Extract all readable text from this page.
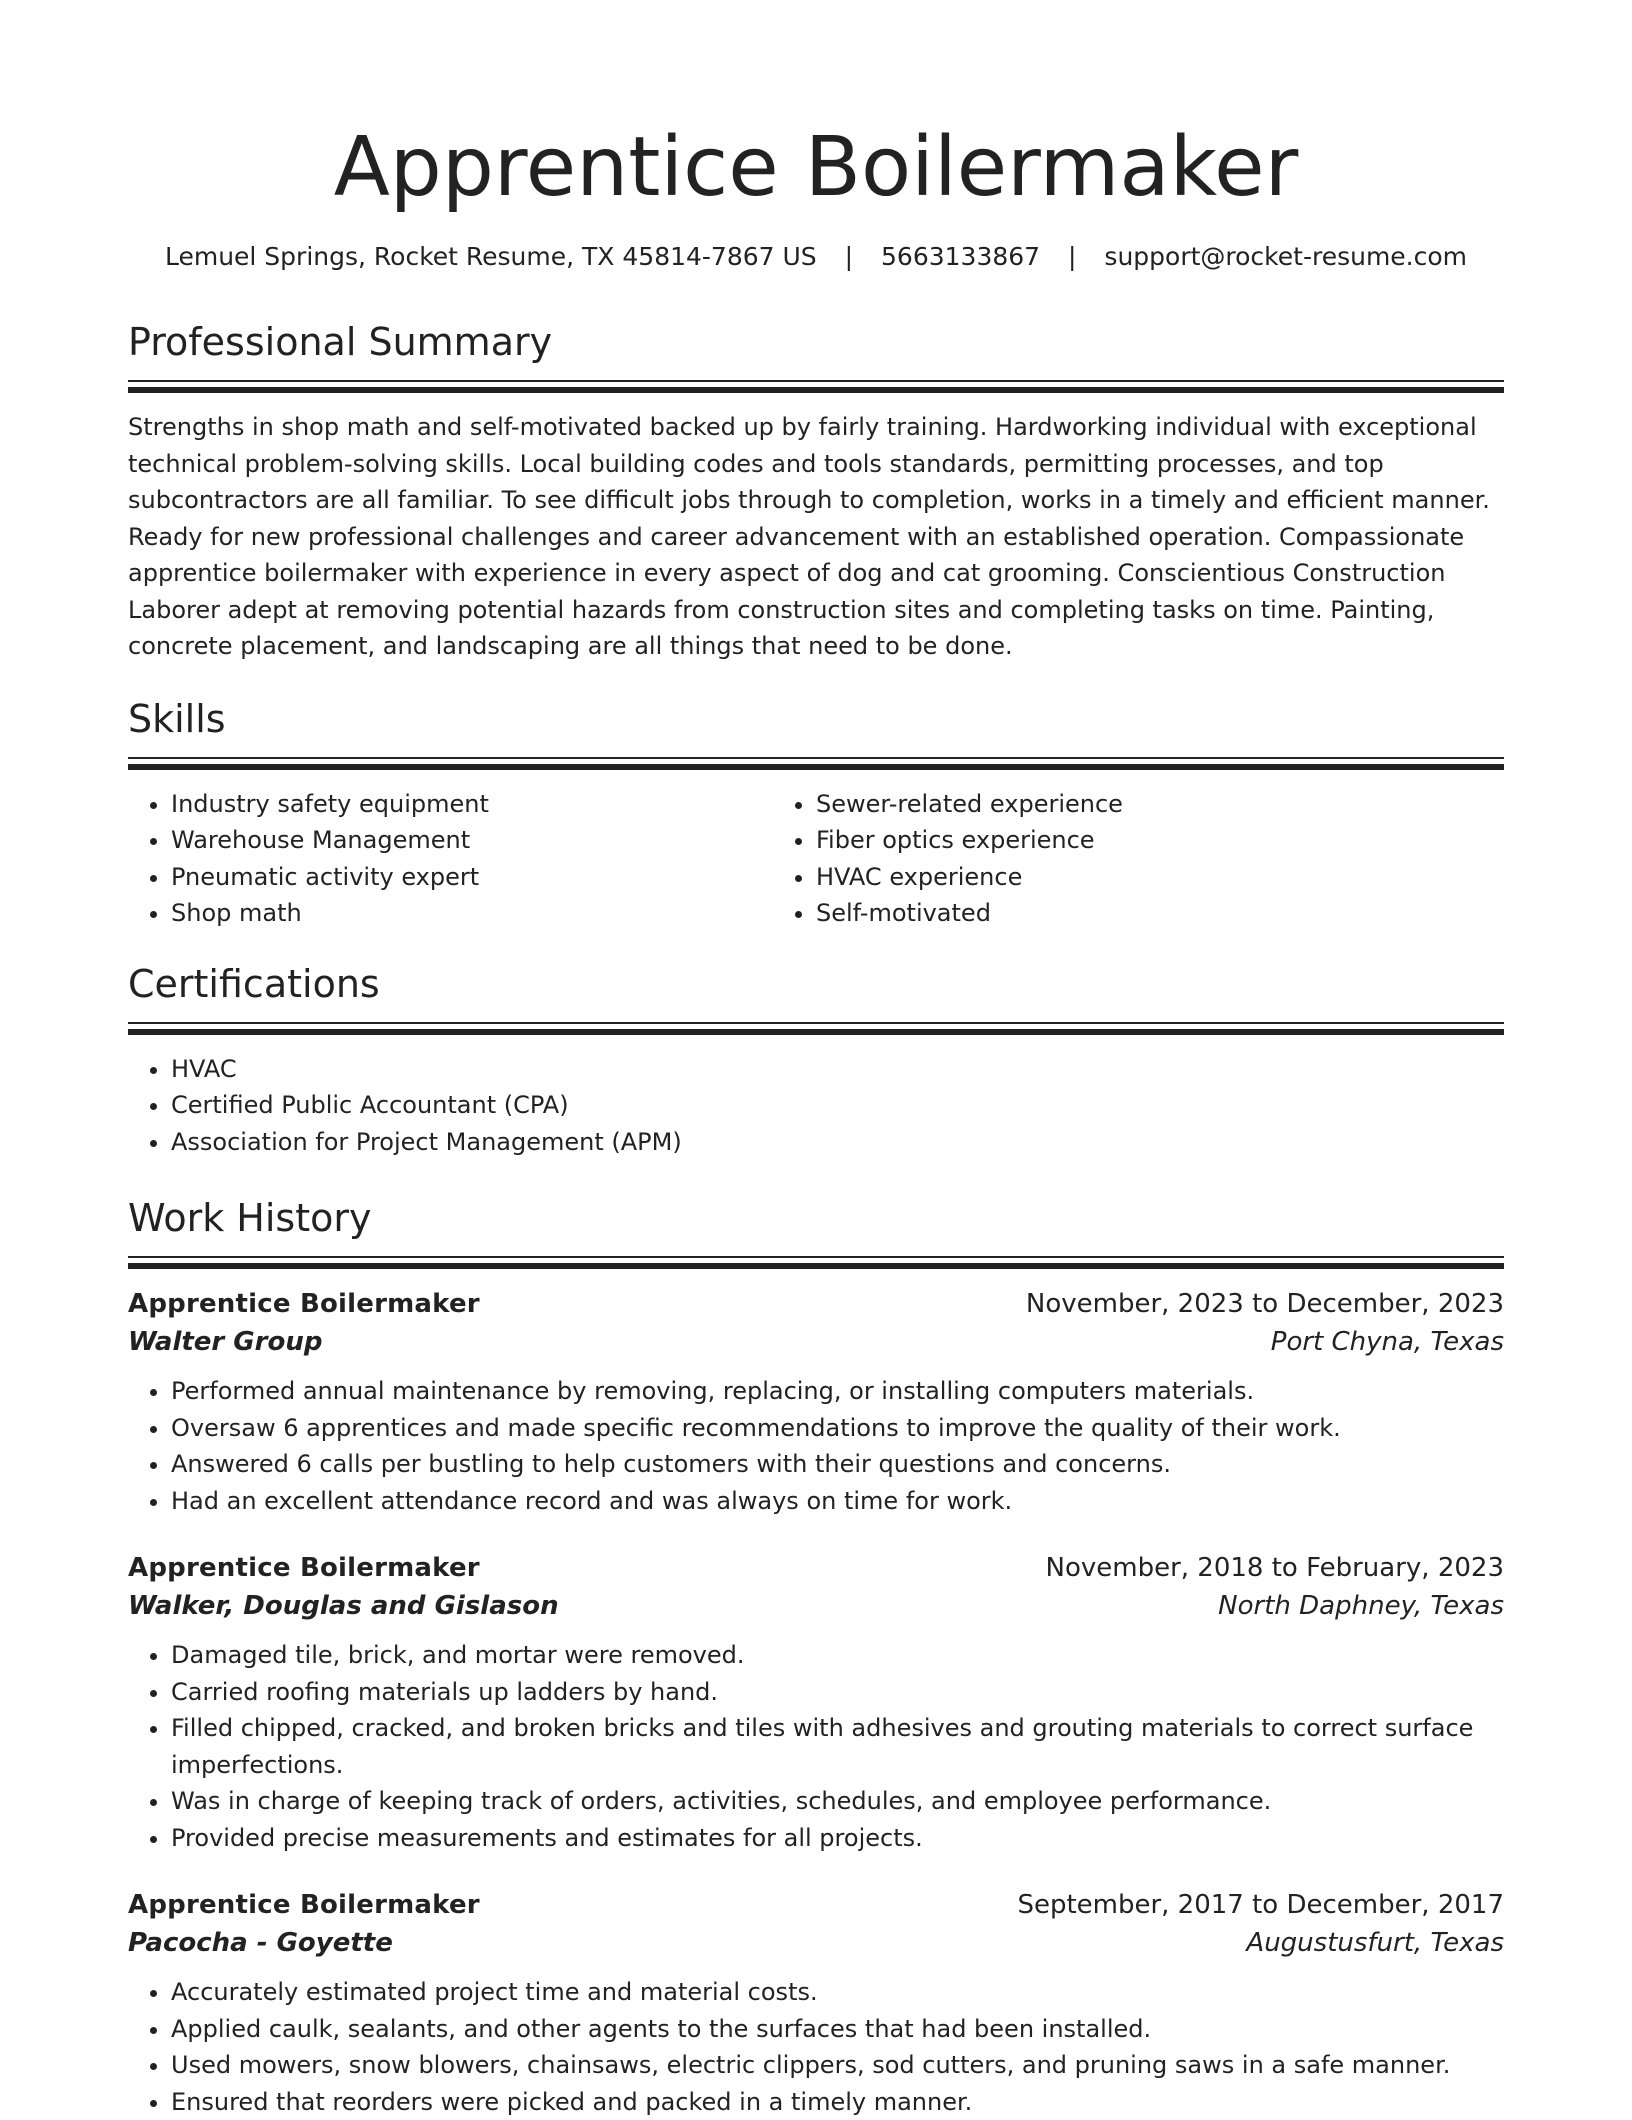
Apprentice Boilermaker
Lemuel Springs, Rocket Resume, TX 45814-7867 US | 5663133867 | support@rocket-resume.com
Professional Summary

Strengths in shop math and self-motivated backed up by fairly training. Hardworking individual with exceptional technical problem-solving skills. Local building codes and tools standards, permitting processes, and top subcontractors are all familiar. To see difficult jobs through to completion, works in a timely and efficient manner. Ready for new professional challenges and career advancement with an established operation. Compassionate apprentice boilermaker with experience in every aspect of dog and cat grooming. Conscientious Construction Laborer adept at removing potential hazards from construction sites and completing tasks on time. Painting, concrete placement, and landscaping are all things that need to be done.

Skills
• Industry safety equipment
• Warehouse Management
• Pneumatic activity expert
• Shop math
• Sewer-related experience
• Fiber optics experience
• HVAC experience
• Self-motivated
Certifications
• HVAC
• Certified Public Accountant (CPA)
• Association for Project Management (APM)
Work History
Apprentice Boilermaker	November, 2023 to December, 2023
Walter Group	Port Chyna, Texas
• Performed annual maintenance by removing, replacing, or installing computers materials.
• Oversaw 6 apprentices and made specific recommendations to improve the quality of their work.
• Answered 6 calls per bustling to help customers with their questions and concerns.
• Had an excellent attendance record and was always on time for work.
Apprentice Boilermaker	November, 2018 to February, 2023
Walker, Douglas and Gislason	North Daphney, Texas
• Damaged tile, brick, and mortar were removed.
• Carried roofing materials up ladders by hand.
• Filled chipped, cracked, and broken bricks and tiles with adhesives and grouting materials to correct surface imperfections.
• Was in charge of keeping track of orders, activities, schedules, and employee performance.
• Provided precise measurements and estimates for all projects.
Apprentice Boilermaker	September, 2017 to December, 2017
Pacocha - Goyette	Augustusfurt, Texas
• Accurately estimated project time and material costs.
• Applied caulk, sealants, and other agents to the surfaces that had been installed.
• Used mowers, snow blowers, chainsaws, electric clippers, sod cutters, and pruning saws in a safe manner.
• Ensured that reorders were picked and packed in a timely manner.
